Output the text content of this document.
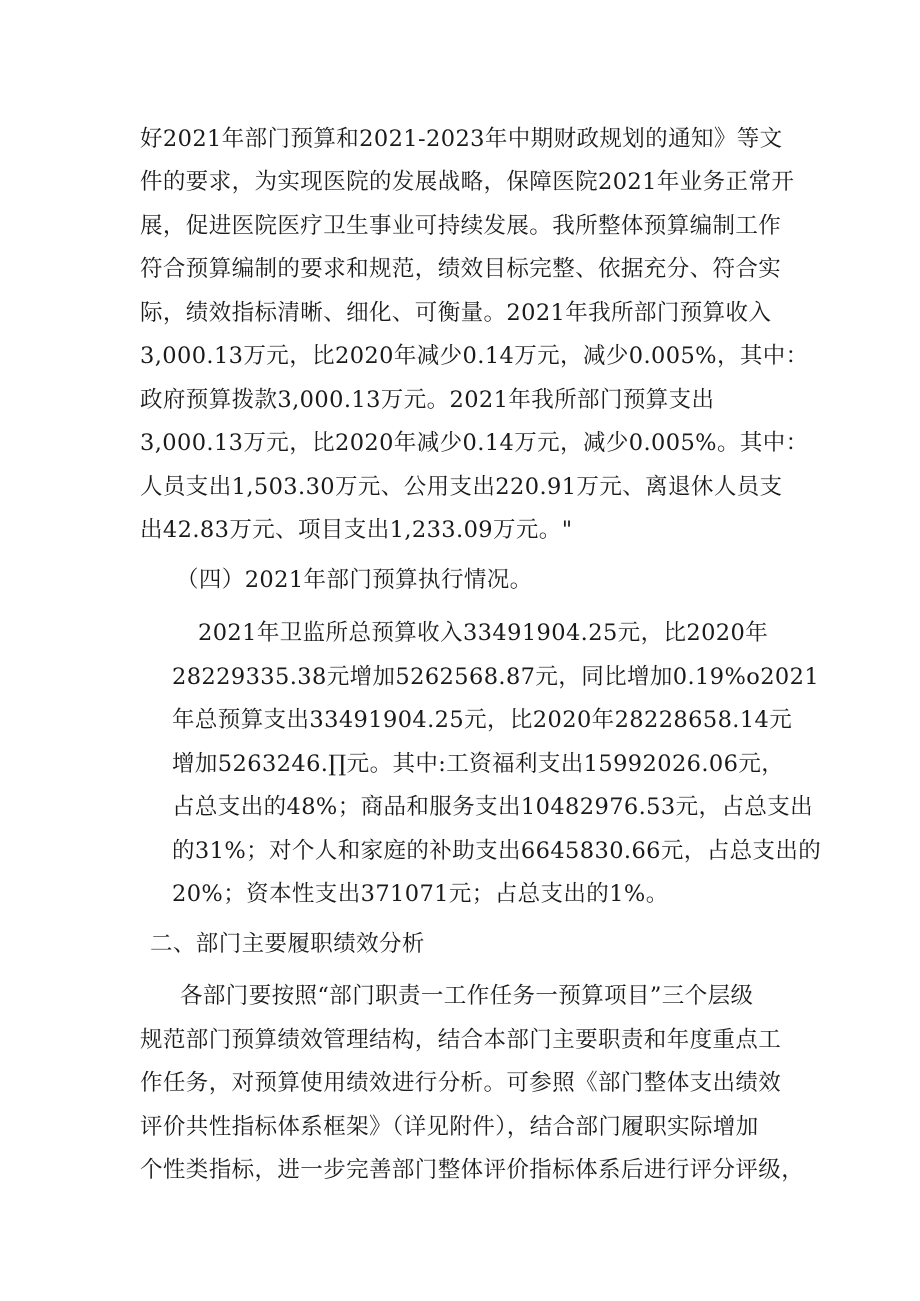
好2021年部门预算和2021-2023年中期财政规划的通知》等文
件的要求，为实现医院的发展战略，保障医院2021年业务正常开
展，促进医院医疗卫生事业可持续发展。我所整体预算编制工作
符合预算编制的要求和规范，绩效目标完整、依据充分、符合实
际，绩效指标清晰、细化、可衡量。2021年我所部门预算收入
3,000.13万元，比2020年减少0.14万元，减少0.005%，其中：
政府预算拨款3,000.13万元。2021年我所部门预算支出
3,000.13万元，比2020年减少0.14万元，减少0.005%。其中：
人员支出1,503.30万元、公用支出220.91万元、离退休人员支
出42.83万元、项目支出1,233.09万元。"
（四）2021年部门预算执行情况。
2021年卫监所总预算收入33491904.25元，比2020年
28229335.38元增加5262568.87元，同比增加0.19%o2021
年总预算支出33491904.25元，比2020年28228658.14元
增加5263246.∏元。其中:工资福利支出15992026.06元，
占总支出的48%；商品和服务支出10482976.53元，占总支出
的31%；对个人和家庭的补助支出6645830.66元，占总支出的
20%；资本性支出371071元；占总支出的1%。
二、部门主要履职绩效分析
各部门要按照“部门职责一工作任务一预算项目”三个层级
规范部门预算绩效管理结构，结合本部门主要职责和年度重点工
作任务，对预算使用绩效进行分析。可参照《部门整体支出绩效
评价共性指标体系框架》（详见附件），结合部门履职实际增加
个性类指标，进一步完善部门整体评价指标体系后进行评分评级，
